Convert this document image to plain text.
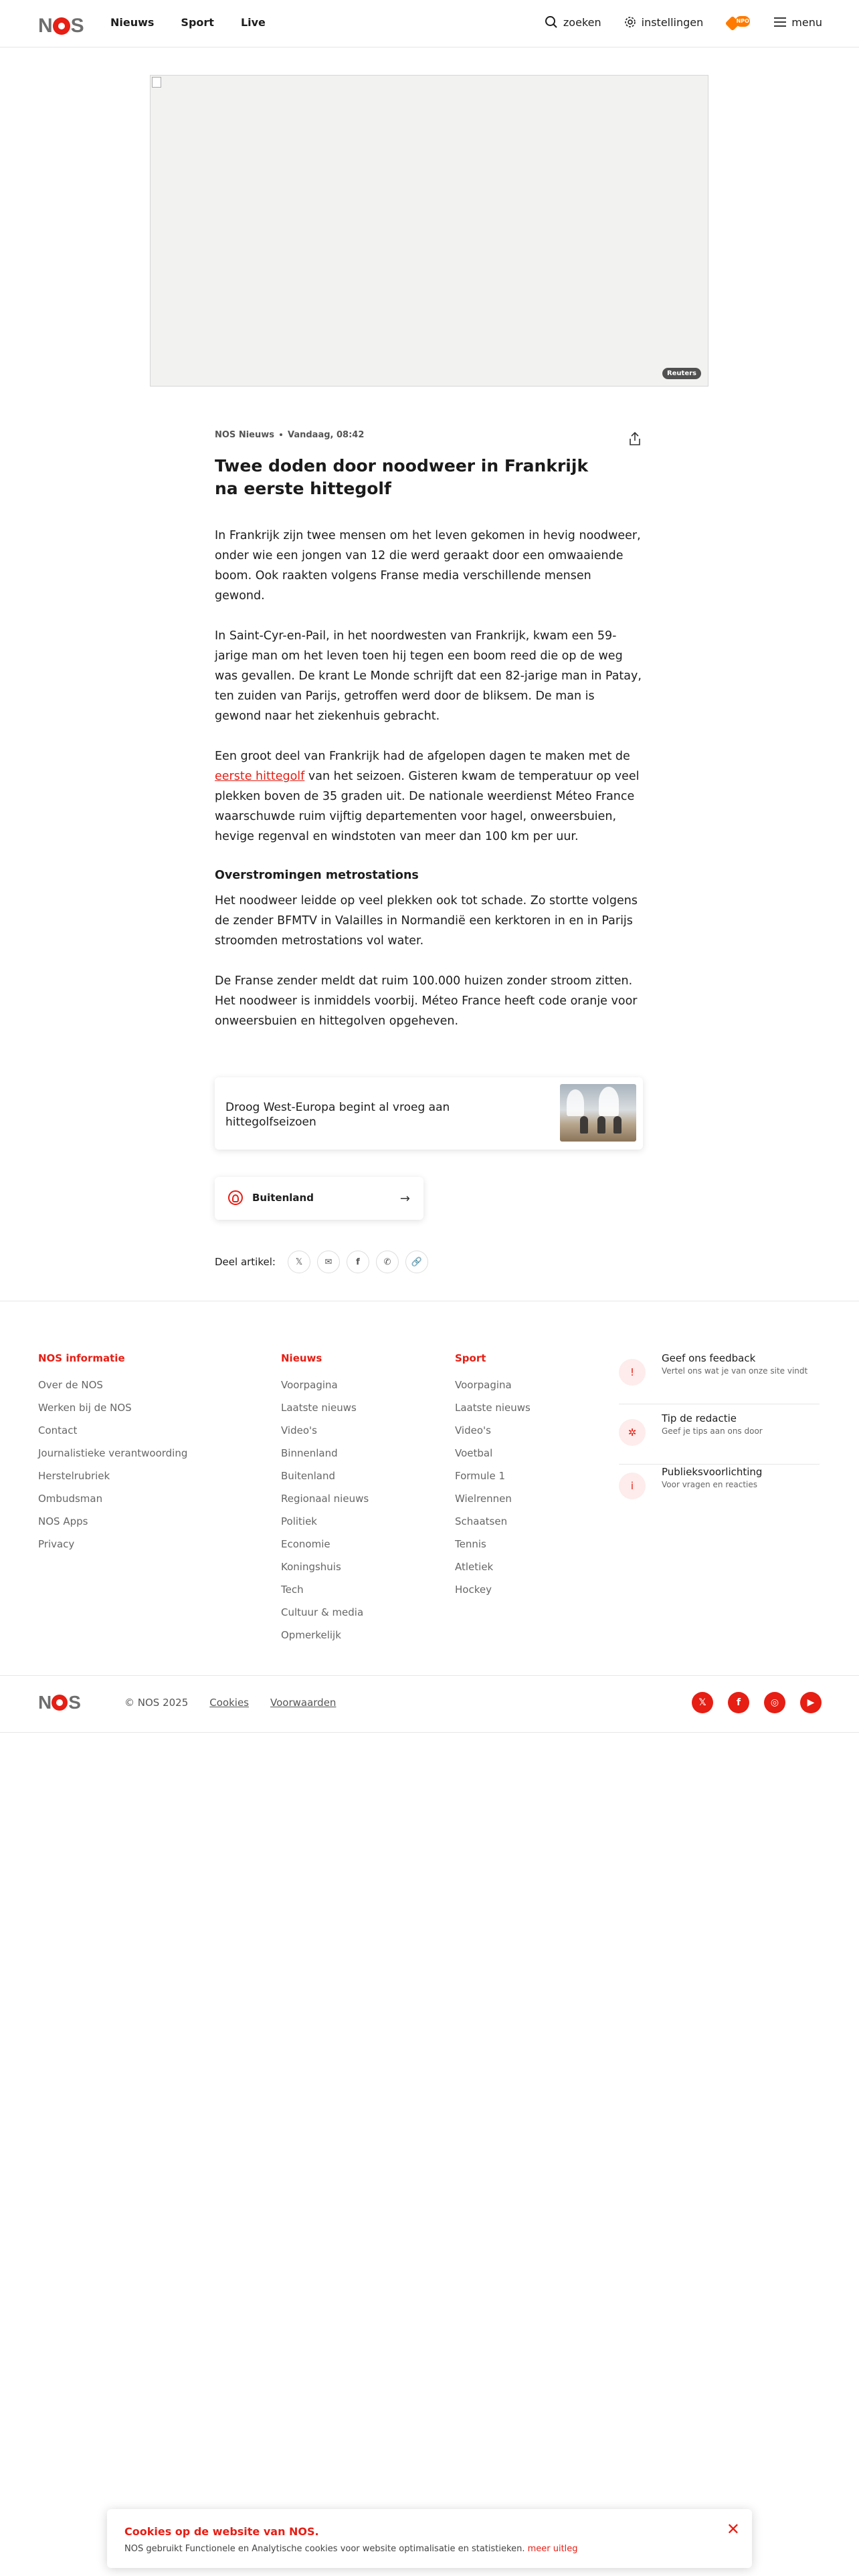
N S	Nieuws	Sport	Live	zoeken	instellingen	NPO	menu
Reuters
NOS Nieuws Vandaag, 08:42
Twee doden door noodweer in Frankrijk na eerste hittegolf

In Frankrijk zijn twee mensen om het leven gekomen in hevig noodweer, onder wie een jongen van 12 die werd geraakt door een omwaaiende boom. Ook raakten volgens Franse media verschillende mensen gewond.

In Saint-Cyr-en-Pail, in het noordwesten van Frankrijk, kwam een 59-jarige man om het leven toen hij tegen een boom reed die op de weg was gevallen. De krant Le Monde schrijft dat een 82-jarige man in Patay, ten zuiden van Parijs, getroffen werd door de bliksem. De man is gewond naar het ziekenhuis gebracht.

Een groot deel van Frankrijk had de afgelopen dagen te maken met de eerste hittegolf van het seizoen. Gisteren kwam de temperatuur op veel plekken boven de 35 graden uit. De nationale weerdienst Méteo France waarschuwde ruim vijftig departementen voor hagel, onweersbuien, hevige regenval en windstoten van meer dan 100 km per uur.

Overstromingen metrostations

Het noodweer leidde op veel plekken ook tot schade. Zo stortte volgens de zender BFMTV in Valailles in Normandië een kerktoren in en in Parijs stroomden metrostations vol water.

De Franse zender meldt dat ruim 100.000 huizen zonder stroom zitten. Het noodweer is inmiddels voorbij. Méteo France heeft code oranje voor onweersbuien en hittegolven opgeheven.

Droog West-Europa begint al vroeg aan hittegolfseizoen
Buitenland	→
Deel artikel:	𝕏	✉	f	✆	🔗
NOS informatie
Over de NOS
Werken bij de NOS
Contact
Journalistieke verantwoording
Herstelrubriek
Ombudsman
NOS Apps
Privacy
Nieuws
Voorpagina
Laatste nieuws
Video's
Binnenland
Buitenland
Regionaal nieuws
Politiek
Economie
Koningshuis
Tech
Cultuur & media
Opmerkelijk
Sport
Voorpagina
Laatste nieuws
Video's
Voetbal
Formule 1
Wielrennen
Schaatsen
Tennis
Atletiek
Hockey
!
Geef ons feedback
Vertel ons wat je van onze site vindt
✲
Tip de redactie
Geef je tips aan ons door
i
Publieksvoorlichting
Voor vragen en reacties
N S	© NOS 2025 Cookies Voorwaarden	𝕏	f	◎	▶
Cookies op de website van NOS.
NOS gebruikt Functionele en Analytische cookies voor website optimalisatie en statistieken. meer uitleg
✕
